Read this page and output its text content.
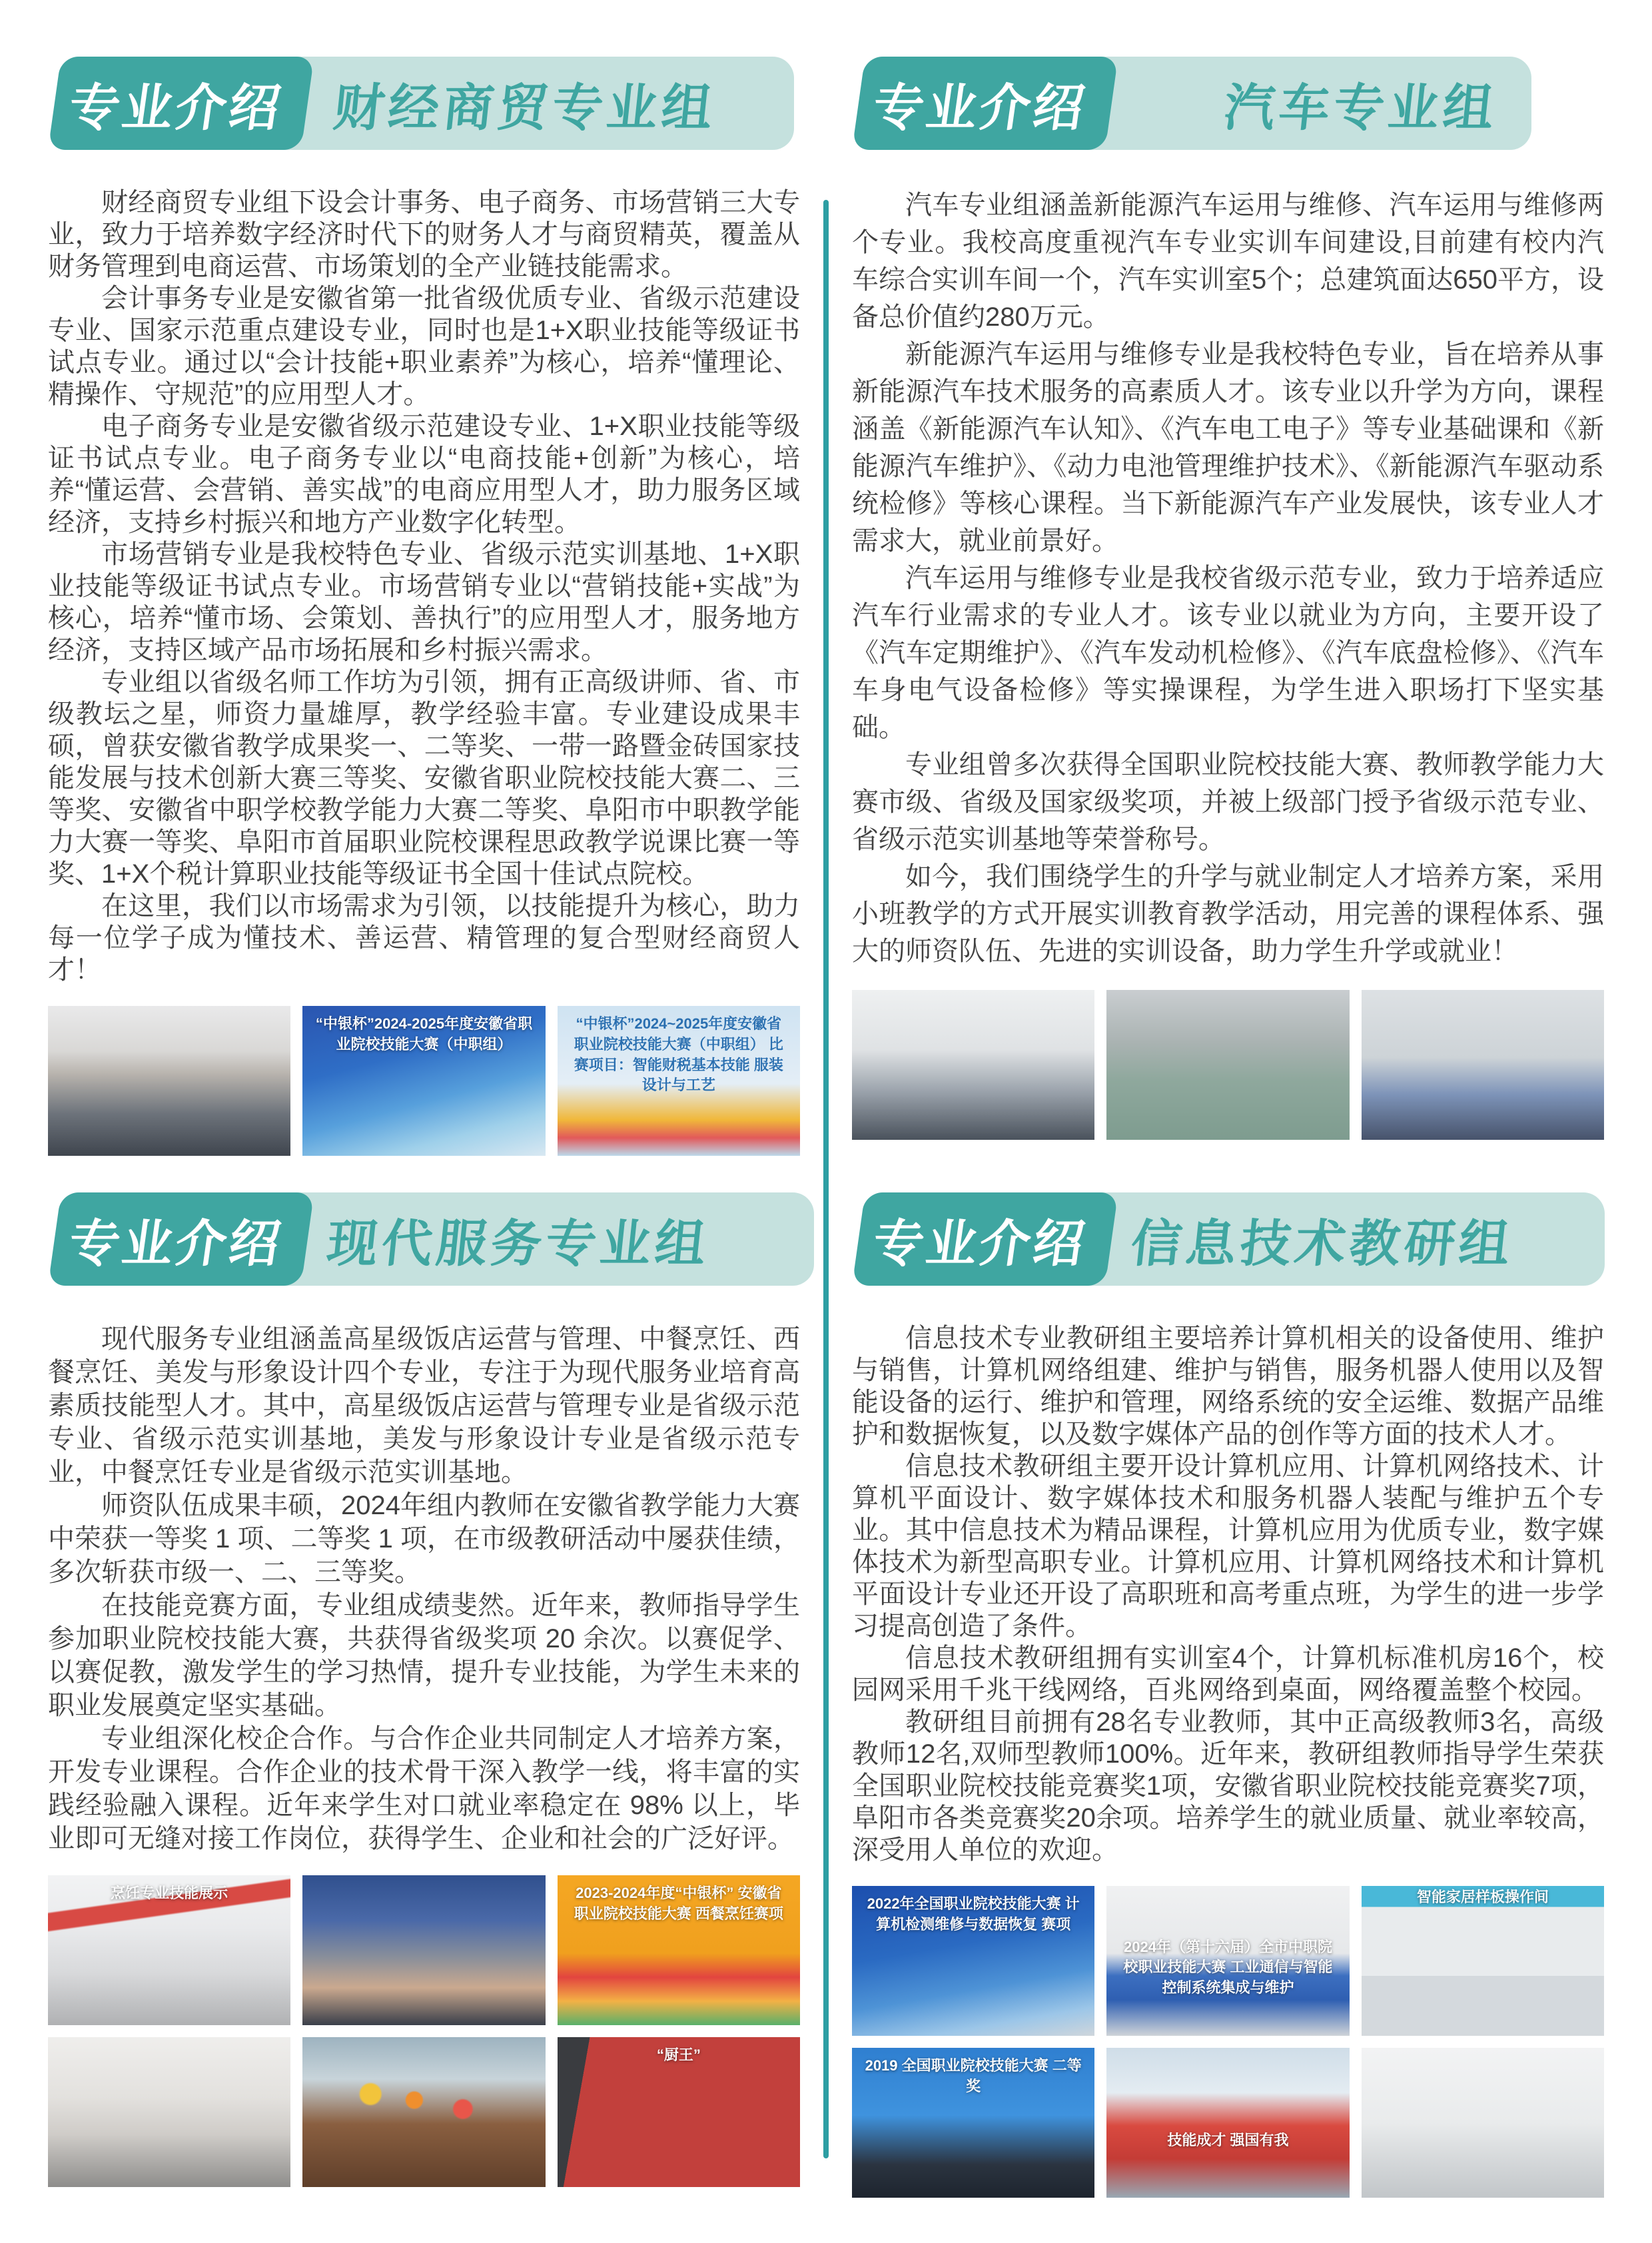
专业介绍 财经商贸专业组

财经商贸专业组下设会计事务、电子商务、市场营销三大专业，致力于培养数字经济时代下的财务人才与商贸精英，覆盖从财务管理到电商运营、市场策划的全产业链技能需求。

会计事务专业是安徽省第一批省级优质专业、省级示范建设专业、国家示范重点建设专业，同时也是1+X职业技能等级证书试点专业。通过以“会计技能+职业素养”为核心，培养“懂理论、精操作、守规范”的应用型人才。

电子商务专业是安徽省级示范建设专业、1+X职业技能等级证书试点专业。电子商务专业以“电商技能+创新”为核心，培养“懂运营、会营销、善实战”的电商应用型人才，助力服务区域经济，支持乡村振兴和地方产业数字化转型。

市场营销专业是我校特色专业、省级示范实训基地、1+X职业技能等级证书试点专业。市场营销专业以“营销技能+实战”为核心，培养“懂市场、会策划、善执行”的应用型人才，服务地方经济，支持区域产品市场拓展和乡村振兴需求。

专业组以省级名师工作坊为引领，拥有正高级讲师、省、市级教坛之星，师资力量雄厚，教学经验丰富。专业建设成果丰硕，曾获安徽省教学成果奖一、二等奖、一带一路暨金砖国家技能发展与技术创新大赛三等奖、安徽省职业院校技能大赛二、三等奖、安徽省中职学校教学能力大赛二等奖、阜阳市中职教学能力大赛一等奖、阜阳市首届职业院校课程思政教学说课比赛一等奖、1+X个税计算职业技能等级证书全国十佳试点院校。

在这里，我们以市场需求为引领，以技能提升为核心，助力每一位学子成为懂技术、善运营、精管理的复合型财经商贸人才！

“中银杯”2024-2025年度安徽省职业院校技能大赛（中职组）
“中银杯”2024~2025年度安徽省职业院校技能大赛（中职组） 比赛项目：智能财税基本技能 服装设计与工艺
专业介绍 现代服务专业组

现代服务专业组涵盖高星级饭店运营与管理、中餐烹饪、西餐烹饪、美发与形象设计四个专业，专注于为现代服务业培育高素质技能型人才。其中，高星级饭店运营与管理专业是省级示范专业、省级示范实训基地，美发与形象设计专业是省级示范专业，中餐烹饪专业是省级示范实训基地。

师资队伍成果丰硕，2024年组内教师在安徽省教学能力大赛中荣获一等奖 1 项、二等奖 1 项，在市级教研活动中屡获佳绩，多次斩获市级一、二、三等奖。

在技能竞赛方面，专业组成绩斐然。近年来，教师指导学生参加职业院校技能大赛，共获得省级奖项 20 余次。以赛促学、以赛促教，激发学生的学习热情，提升专业技能，为学生未来的职业发展奠定坚实基础。

专业组深化校企合作。与合作企业共同制定人才培养方案，开发专业课程。合作企业的技术骨干深入教学一线，将丰富的实践经验融入课程。近年来学生对口就业率稳定在 98% 以上，毕业即可无缝对接工作岗位，获得学生、企业和社会的广泛好评。

烹饪专业技能展示	2023-2024年度“中银杯” 安徽省职业院校技能大赛 西餐烹饪赛项
“厨王”
专业介绍	汽车专业组

汽车专业组涵盖新能源汽车运用与维修、汽车运用与维修两个专业。我校高度重视汽车专业实训车间建设,目前建有校内汽车综合实训车间一个，汽车实训室5个；总建筑面达650平方，设备总价值约280万元。

新能源汽车运用与维修专业是我校特色专业，旨在培养从事新能源汽车技术服务的高素质人才。该专业以升学为方向，课程涵盖《新能源汽车认知》、《汽车电工电子》等专业基础课和《新能源汽车维护》、《动力电池管理维护技术》、《新能源汽车驱动系统检修》等核心课程。当下新能源汽车产业发展快，该专业人才需求大，就业前景好。

汽车运用与维修专业是我校省级示范专业，致力于培养适应汽车行业需求的专业人才。该专业以就业为方向，主要开设了《汽车定期维护》、《汽车发动机检修》、《汽车底盘检修》、《汽车车身电气设备检修》等实操课程，为学生进入职场打下坚实基础。

专业组曾多次获得全国职业院校技能大赛、教师教学能力大赛市级、省级及国家级奖项，并被上级部门授予省级示范专业、省级示范实训基地等荣誉称号。

如今，我们围绕学生的升学与就业制定人才培养方案，采用小班教学的方式开展实训教育教学活动，用完善的课程体系、强大的师资队伍、先进的实训设备，助力学生升学或就业！

专业介绍 信息技术教研组

信息技术专业教研组主要培养计算机相关的设备使用、维护与销售，计算机网络组建、维护与销售，服务机器人使用以及智能设备的运行、维护和管理，网络系统的安全运维、数据产品维护和数据恢复，以及数字媒体产品的创作等方面的技术人才。

信息技术教研组主要开设计算机应用、计算机网络技术、计算机平面设计、数字媒体技术和服务机器人装配与维护五个专业。其中信息技术为精品课程，计算机应用为优质专业，数字媒体技术为新型高职专业。计算机应用、计算机网络技术和计算机平面设计专业还开设了高职班和高考重点班，为学生的进一步学习提高创造了条件。

信息技术教研组拥有实训室4个，计算机标准机房16个，校园网采用千兆干线网络，百兆网络到桌面，网络覆盖整个校园。

教研组目前拥有28名专业教师，其中正高级教师3名，高级教师12名,双师型教师100%。近年来，教研组教师指导学生荣获全国职业院校技能竞赛奖1项，安徽省职业院校技能竞赛奖7项，阜阳市各类竞赛奖20余项。培养学生的就业质量、就业率较高，深受用人单位的欢迎。

2022年全国职业院校技能大赛 计算机检测维修与数据恢复 赛项
2024年（第十六届）全市中职院校职业技能大赛 工业通信与智能控制系统集成与维护
智能家居样板操作间
2019 全国职业院校技能大赛 二等奖
技能成才 强国有我
